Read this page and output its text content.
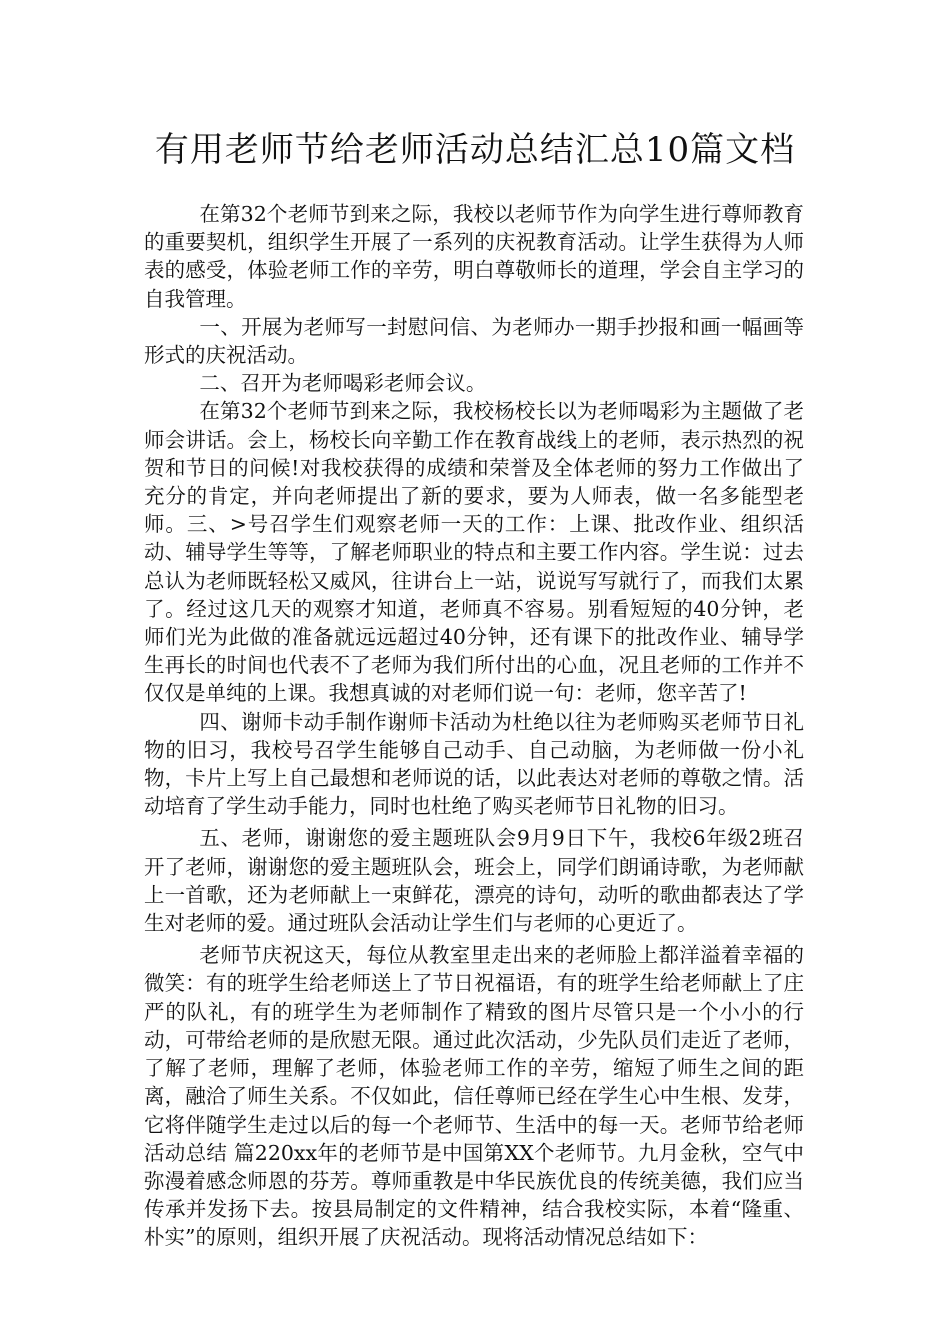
有用老师节给老师活动总结汇总10篇文档

在第32个老师节到来之际，我校以老师节作为向学生进行尊师教育的重要契机，组织学生开展了一系列的庆祝教育活动。让学生获得为人师表的感受，体验老师工作的辛劳，明白尊敬师长的道理，学会自主学习的自我管理。

一、开展为老师写一封慰问信、为老师办一期手抄报和画一幅画等形式的庆祝活动。

二、召开为老师喝彩老师会议。

在第32个老师节到来之际，我校杨校长以为老师喝彩为主题做了老师会讲话。会上，杨校长向辛勤工作在教育战线上的老师，表示热烈的祝贺和节日的问候!对我校获得的成绩和荣誉及全体老师的努力工作做出了充分的肯定，并向老师提出了新的要求，要为人师表，做一名多能型老师。三、>号召学生们观察老师一天的工作：上课、批改作业、组织活动、辅导学生等等，了解老师职业的特点和主要工作内容。学生说：过去总认为老师既轻松又威风，往讲台上一站，说说写写就行了，而我们太累了。经过这几天的观察才知道，老师真不容易。别看短短的40分钟，老师们光为此做的准备就远远超过40分钟，还有课下的批改作业、辅导学生再长的时间也代表不了老师为我们所付出的心血，况且老师的工作并不仅仅是单纯的上课。我想真诚的对老师们说一句：老师，您辛苦了!

四、谢师卡动手制作谢师卡活动为杜绝以往为老师购买老师节日礼物的旧习，我校号召学生能够自己动手、自己动脑，为老师做一份小礼物，卡片上写上自己最想和老师说的话，以此表达对老师的尊敬之情。活动培育了学生动手能力，同时也杜绝了购买老师节日礼物的旧习。

五、老师，谢谢您的爱主题班队会9月9日下午，我校6年级2班召开了老师，谢谢您的爱主题班队会，班会上，同学们朗诵诗歌，为老师献上一首歌，还为老师献上一束鲜花，漂亮的诗句，动听的歌曲都表达了学生对老师的爱。通过班队会活动让学生们与老师的心更近了。

老师节庆祝这天，每位从教室里走出来的老师脸上都洋溢着幸福的微笑：有的班学生给老师送上了节日祝福语，有的班学生给老师献上了庄严的队礼，有的班学生为老师制作了精致的图片尽管只是一个小小的行动，可带给老师的是欣慰无限。通过此次活动，少先队员们走近了老师，了解了老师，理解了老师，体验老师工作的辛劳，缩短了师生之间的距离，融洽了师生关系。不仅如此，信任尊师已经在学生心中生根、发芽，它将伴随学生走过以后的每一个老师节、生活中的每一天。老师节给老师活动总结 篇220xx年的老师节是中国第XX个老师节。九月金秋，空气中弥漫着感念师恩的芬芳。尊师重教是中华民族优良的传统美德，我们应当传承并发扬下去。按县局制定的文件精神，结合我校实际，本着“隆重、朴实”的原则，组织开展了庆祝活动。现将活动情况总结如下：
